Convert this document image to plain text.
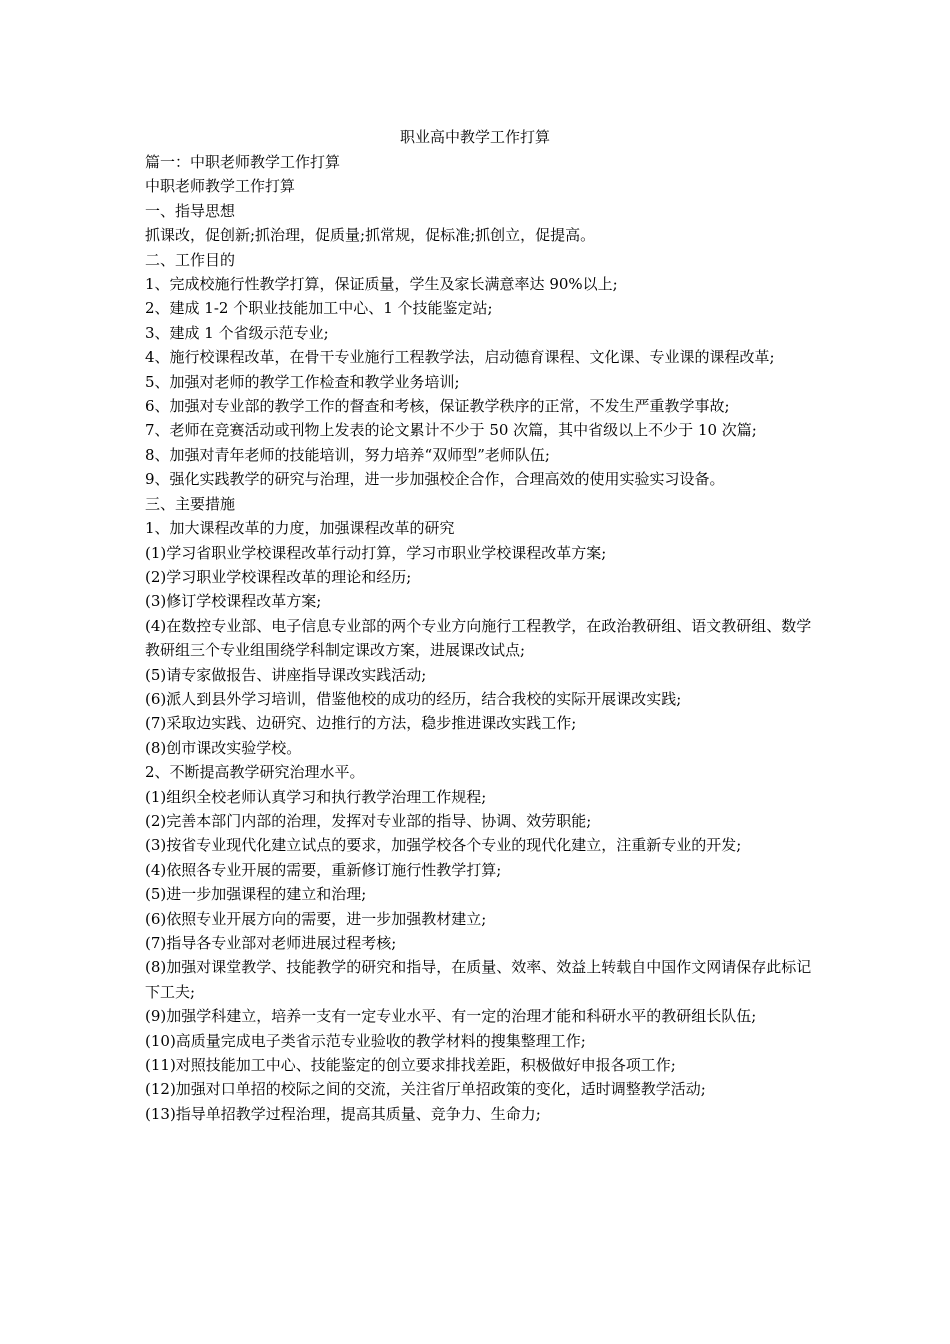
职业高中教学工作打算

篇一：中职老师教学工作打算

中职老师教学工作打算

一、指导思想

抓课改，促创新;抓治理，促质量;抓常规，促标准;抓创立，促提高。

二、工作目的

1、完成校施行性教学打算，保证质量，学生及家长满意率达 90%以上;

2、建成 1-2 个职业技能加工中心、1 个技能鉴定站;

3、建成 1 个省级示范专业;

4、施行校课程改革，在骨干专业施行工程教学法，启动德育课程、文化课、专业课的课程改革;

5、加强对老师的教学工作检查和教学业务培训;

6、加强对专业部的教学工作的督查和考核，保证教学秩序的正常，不发生严重教学事故;

7、老师在竞赛活动或刊物上发表的论文累计不少于 50 次篇，其中省级以上不少于 10 次篇;

8、加强对青年老师的技能培训，努力培养“双师型”老师队伍;

9、强化实践教学的研究与治理，进一步加强校企合作，合理高效的使用实验实习设备。

三、主要措施

1、加大课程改革的力度，加强课程改革的研究

(1)学习省职业学校课程改革行动打算，学习市职业学校课程改革方案;

(2)学习职业学校课程改革的理论和经历;

(3)修订学校课程改革方案;

(4)在数控专业部、电子信息专业部的两个专业方向施行工程教学，在政治教研组、语文教研组、数学教研组三个专业组围绕学科制定课改方案，进展课改试点;

(5)请专家做报告、讲座指导课改实践活动;

(6)派人到县外学习培训，借鉴他校的成功的经历，结合我校的实际开展课改实践;

(7)采取边实践、边研究、边推行的方法，稳步推进课改实践工作;

(8)创市课改实验学校。

2、不断提高教学研究治理水平。

(1)组织全校老师认真学习和执行教学治理工作规程;

(2)完善本部门内部的治理，发挥对专业部的指导、协调、效劳职能;

(3)按省专业现代化建立试点的要求，加强学校各个专业的现代化建立，注重新专业的开发;

(4)依照各专业开展的需要，重新修订施行性教学打算;

(5)进一步加强课程的建立和治理;

(6)依照专业开展方向的需要，进一步加强教材建立;

(7)指导各专业部对老师进展过程考核;

(8)加强对课堂教学、技能教学的研究和指导，在质量、效率、效益上转载自中国作文网请保存此标记下工夫;

(9)加强学科建立，培养一支有一定专业水平、有一定的治理才能和科研水平的教研组长队伍;

(10)高质量完成电子类省示范专业验收的教学材料的搜集整理工作;

(11)对照技能加工中心、技能鉴定的创立要求排找差距，积极做好申报各项工作;

(12)加强对口单招的校际之间的交流，关注省厅单招政策的变化，适时调整教学活动;

(13)指导单招教学过程治理，提高其质量、竞争力、生命力;
